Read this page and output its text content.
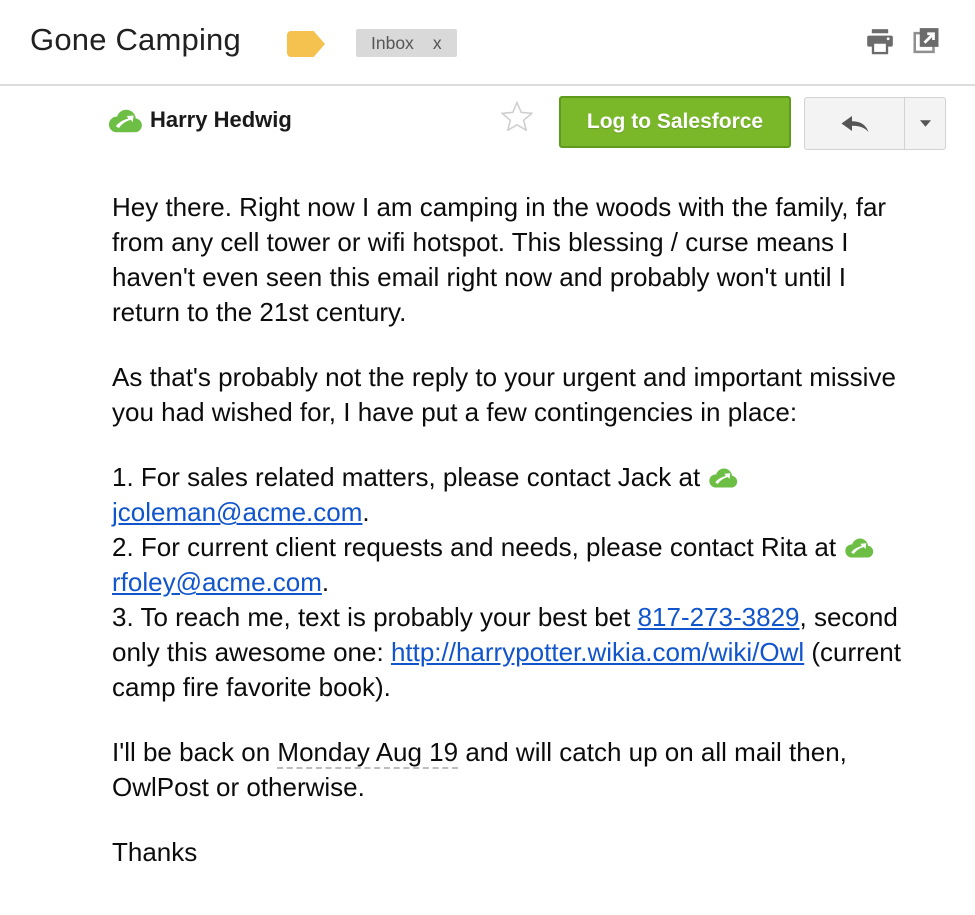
Gone Camping	Inbox x
Harry Hedwig	Log to Salesforce

Hey there. Right now I am camping in the woods with the family, far from any cell tower or wifi hotspot. This blessing / curse means I haven't even seen this email right now and probably won't until I return to the 21st century.

As that's probably not the reply to your urgent and important missive you had wished for, I have put a few contingencies in place:

1. For sales related matters, please contact Jack at  jcoleman@acme.com.
2. For current client requests and needs, please contact Rita at  rfoley@acme.com.
3. To reach me, text is probably your best bet 817-273-3829, second only this awesome one: http://harrypotter.wikia.com/wiki/Owl (current camp fire favorite book).

I'll be back on Monday Aug 19 and will catch up on all mail then, OwlPost or otherwise.

Thanks
